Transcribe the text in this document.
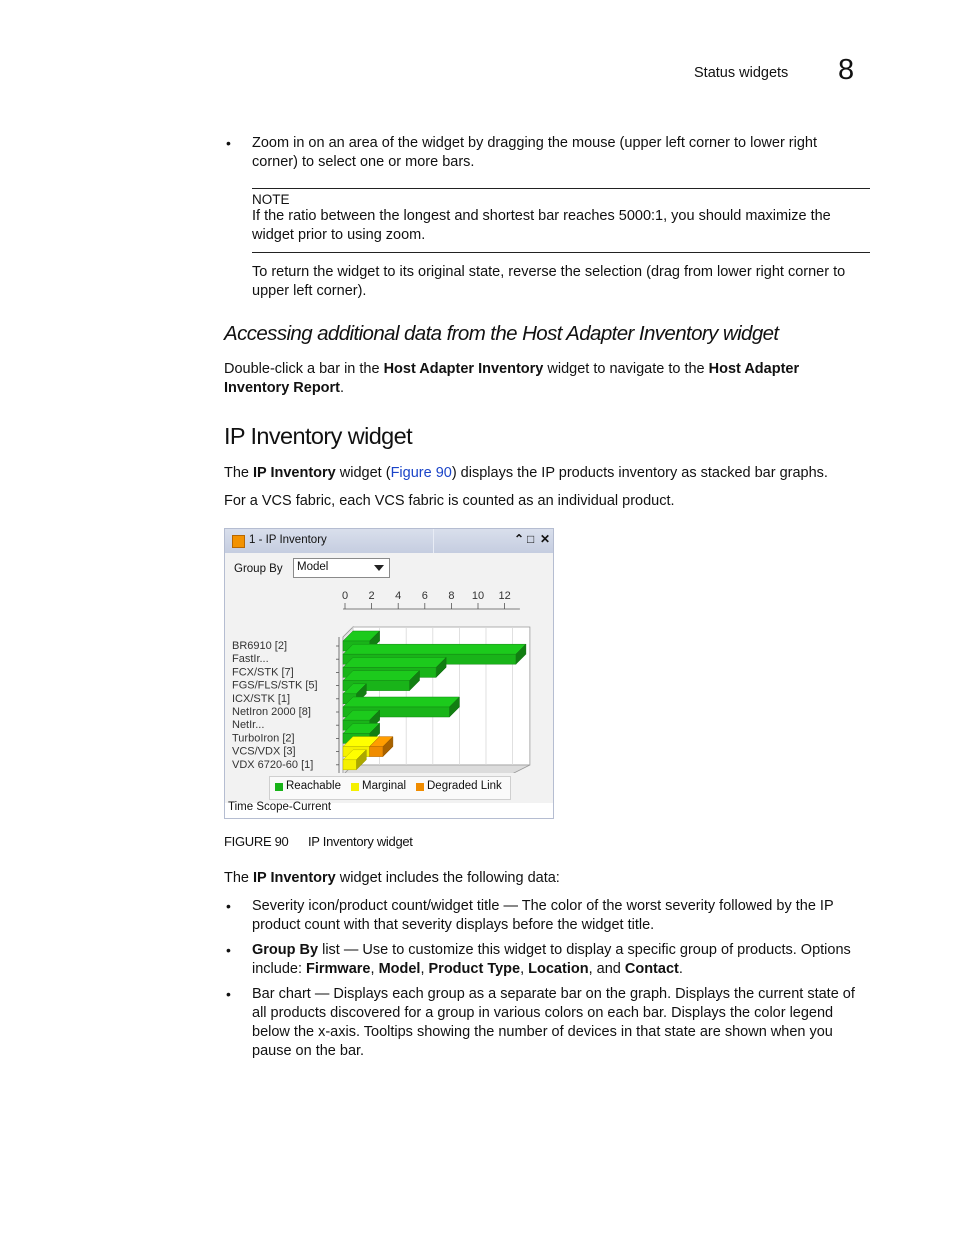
Status widgets 8
• Zoom in on an area of the widget by dragging the mouse (upper left corner to lower right corner) to select one or more bars.
NOTE
If the ratio between the longest and shortest bar reaches 5000:1, you should maximize the widget prior to using zoom.
To return the widget to its original state, reverse the selection (drag from lower right corner to upper left corner).
Accessing additional data from the Host Adapter Inventory widget
Double-click a bar in the Host Adapter Inventory widget to navigate to the Host Adapter Inventory Report.
IP Inventory widget
The IP Inventory widget (Figure 90) displays the IP products inventory as stacked bar graphs.
For a VCS fabric, each VCS fabric is counted as an individual product.
1 - IP Inventory	⌃ □ ✕
Group By	Model
0 2 4 6 8 10 12
BR6910 [2]
FastIr...
FCX/STK [7]
FGS/FLS/STK [5]
ICX/STK [1]
NetIron 2000 [8]
NetIr...
TurboIron [2]
VCS/VDX [3]
VDX 6720-60 [1]
Reachable Marginal Degraded Link
Time Scope-Current
FIGURE 90 IP Inventory widget
The IP Inventory widget includes the following data:
• Severity icon/product count/widget title — The color of the worst severity followed by the IP product count with that severity displays before the widget title.
• Group By list — Use to customize this widget to display a specific group of products. Options include: Firmware, Model, Product Type, Location, and Contact.
• Bar chart — Displays each group as a separate bar on the graph. Displays the current state of all products discovered for a group in various colors on each bar. Displays the color legend below the x-axis. Tooltips showing the number of devices in that state are shown when you pause on the bar.
